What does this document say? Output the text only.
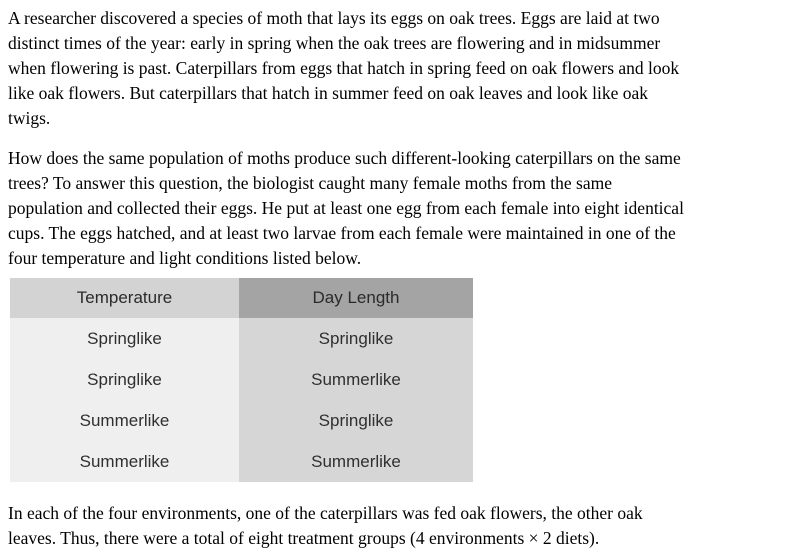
A researcher discovered a species of moth that lays its eggs on oak trees. Eggs are laid at two
distinct times of the year: early in spring when the oak trees are flowering and in midsummer
when flowering is past. Caterpillars from eggs that hatch in spring feed on oak flowers and look
like oak flowers. But caterpillars that hatch in summer feed on oak leaves and look like oak
twigs.
How does the same population of moths produce such different-looking caterpillars on the same
trees? To answer this question, the biologist caught many female moths from the same
population and collected their eggs. He put at least one egg from each female into eight identical
cups. The eggs hatched, and at least two larvae from each female were maintained in one of the
four temperature and light conditions listed below.
Temperature	Day Length
Springlike	Springlike
Springlike	Summerlike
Summerlike	Springlike
Summerlike	Summerlike
In each of the four environments, one of the caterpillars was fed oak flowers, the other oak
leaves. Thus, there were a total of eight treatment groups (4 environments × 2 diets).
